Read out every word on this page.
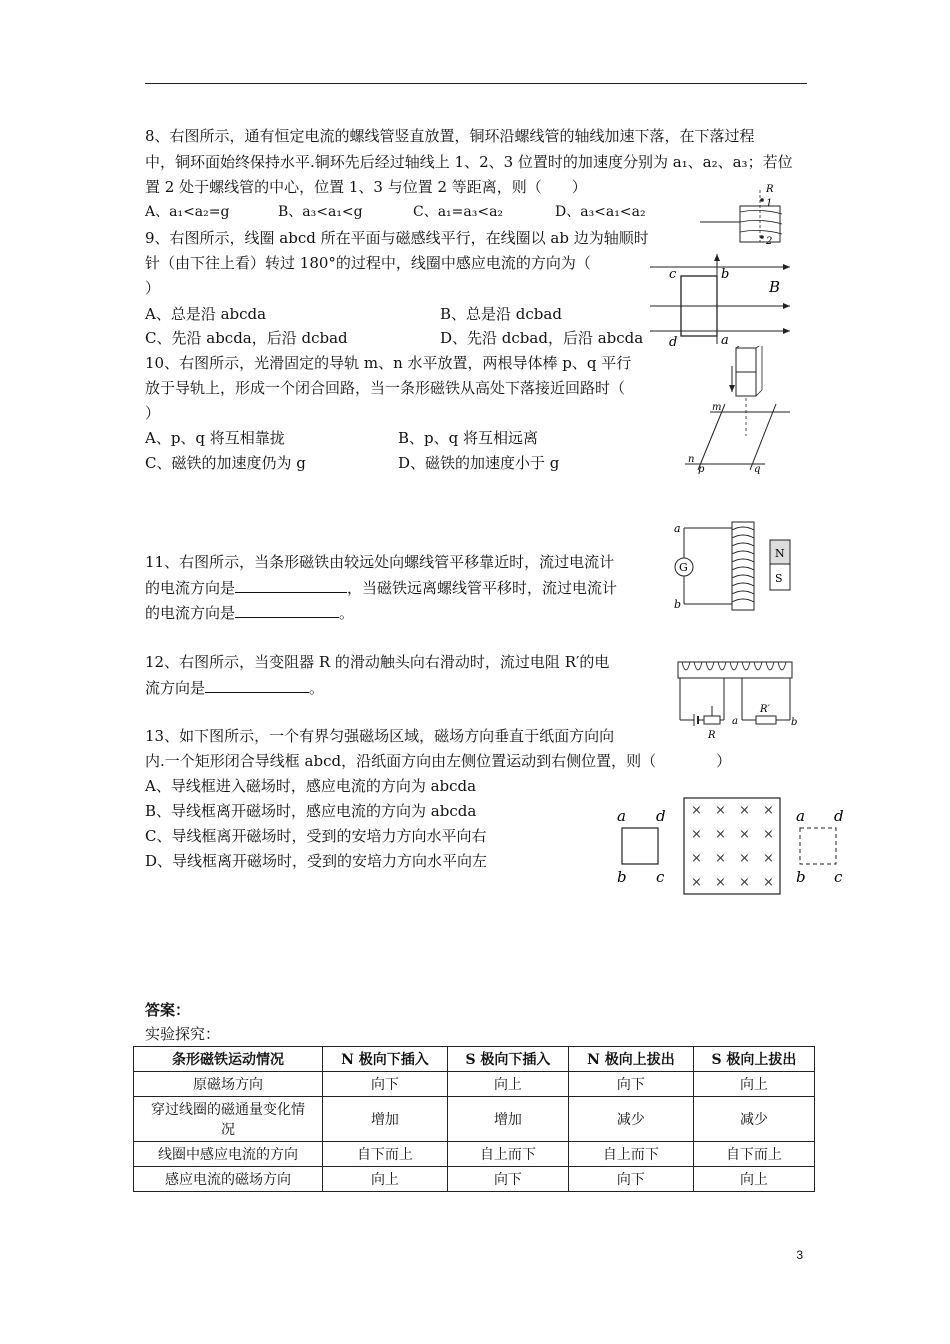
8、右图所示，通有恒定电流的螺线管竖直放置，铜环沿螺线管的轴线加速下落，在下落过程
中，铜环面始终保持水平.铜环先后经过轴线上 1、2、3 位置时的加速度分别为 a₁、a₂、a₃；若位
置 2 处于螺线管的中心，位置 1、3 与位置 2 等距离，则（　　）
A、a₁<a₂=g	B、a₃<a₁<g	C、a₁=a₃<a₂	D、a₃<a₁<a₂
R
1
2
9、右图所示，线圈 abcd 所在平面与磁感线平行，在线圈以 ab 边为轴顺时
针（由下往上看）转过 180°的过程中，线圈中感应电流的方向为（
）
A、总是沿 abcda	B、总是沿 dcbad
C、先沿 abcda，后沿 dcbad	D、先沿 dcbad，后沿 abcda
c	b
d	a
B
10、右图所示，光滑固定的导轨 m、n 水平放置，两根导体棒 p、q 平行
放于导轨上，形成一个闭合回路，当一条形磁铁从高处下落接近回路时（
）
A、p、q 将互相靠拢	B、p、q 将互相远离
C、磁铁的加速度仍为 g	D、磁铁的加速度小于 g
m
n
p	q
11、右图所示，当条形磁铁由较远处向螺线管平移靠近时，流过电流计
的电流方向是	，当磁铁远离螺线管平移时，流过电流计
的电流方向是	。
a
b
G
N
S
12、右图所示，当变阻器 R 的滑动触头向右滑动时，流过电阻 R′的电
流方向是	。
R
R′
a	b
13、如下图所示，一个有界匀强磁场区域，磁场方向垂直于纸面方向向
内.一个矩形闭合导线框 abcd，沿纸面方向由左侧位置运动到右侧位置，则（　　　　）
A、导线框进入磁场时，感应电流的方向为 abcda
B、导线框离开磁场时，感应电流的方向为 abcda
C、导线框离开磁场时，受到的安培力方向水平向右
D、导线框离开磁场时，受到的安培力方向水平向左
a d
b c
× × × ×
× × × ×
× × × ×
× × × ×
a d
b c
答案：
实验探究：
条形磁铁运动情况	N 极向下插入	S 极向下插入	N 极向上拔出	S 极向上拔出
原磁场方向	向下	向上	向下	向上
穿过线圈的磁通量变化情况	增加	增加	减少	减少
线圈中感应电流的方向	自下而上	自上而下	自上而下	自下而上
感应电流的磁场方向	向上	向下	向下	向上
3
